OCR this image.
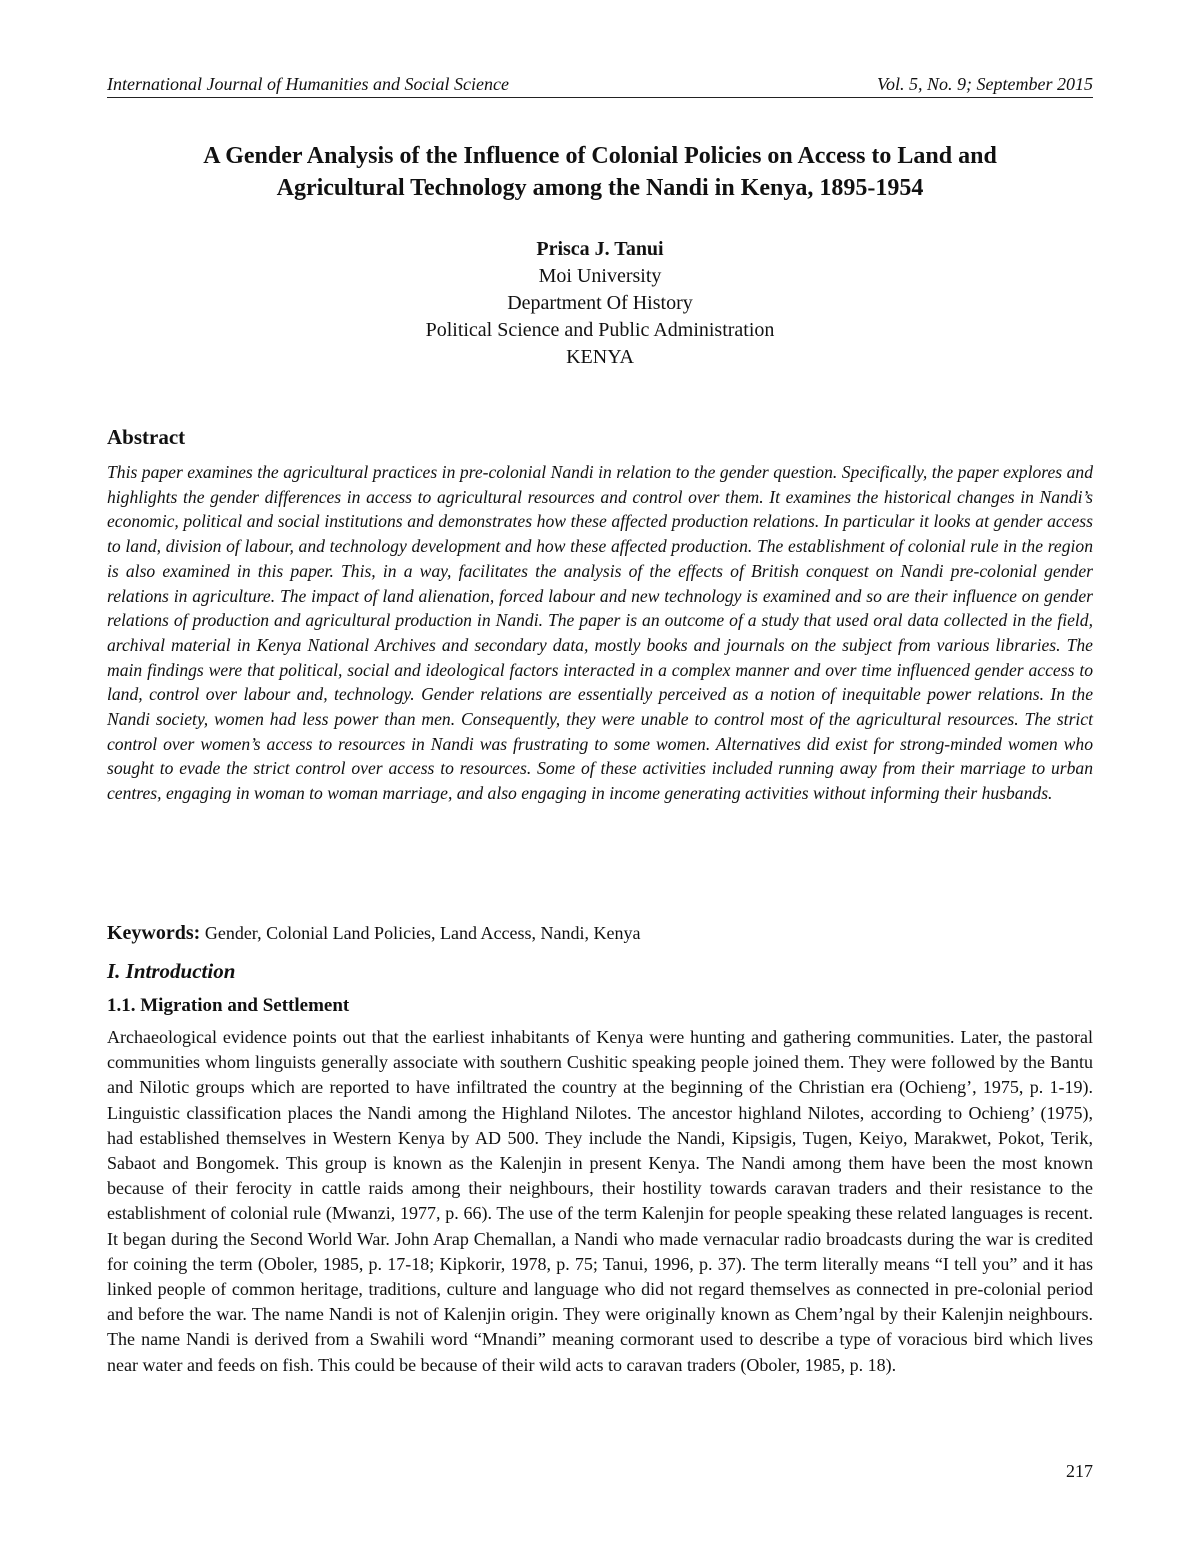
International Journal of Humanities and Social Science	Vol. 5, No. 9; September 2015
A Gender Analysis of the Influence of Colonial Policies on Access to Land and
Agricultural Technology among the Nandi in Kenya, 1895-1954
Prisca J. Tanui
Moi University
Department Of History
Political Science and Public Administration
KENYA
Abstract

This paper examines the agricultural practices in pre-colonial Nandi in relation to the gender question. Specifically, the paper explores and highlights the gender differences in access to agricultural resources and control over them. It examines the historical changes in Nandi’s economic, political and social institutions and demonstrates how these affected production relations. In particular it looks at gender access to land, division of labour, and technology development and how these affected production. The establishment of colonial rule in the region is also examined in this paper. This, in a way, facilitates the analysis of the effects of British conquest on Nandi pre-colonial gender relations in agriculture. The impact of land alienation, forced labour and new technology is examined and so are their influence on gender relations of production and agricultural production in Nandi. The paper is an outcome of a study that used oral data collected in the field, archival material in Kenya National Archives and secondary data, mostly books and journals on the subject from various libraries. The main findings were that political, social and ideological factors interacted in a complex manner and over time influenced gender access to land, control over labour and, technology. Gender relations are essentially perceived as a notion of inequitable power relations. In the Nandi society, women had less power than men. Consequently, they were unable to control most of the agricultural resources. The strict control over women’s access to resources in Nandi was frustrating to some women. Alternatives did exist for strong-minded women who sought to evade the strict control over access to resources. Some of these activities included running away from their marriage to urban centres, engaging in woman to woman marriage, and also engaging in income generating activities without informing their husbands.

Keywords: Gender, Colonial Land Policies, Land Access, Nandi, Kenya

I. Introduction
1.1. Migration and Settlement

Archaeological evidence points out that the earliest inhabitants of Kenya were hunting and gathering communities. Later, the pastoral communities whom linguists generally associate with southern Cushitic speaking people joined them. They were followed by the Bantu and Nilotic groups which are reported to have infiltrated the country at the beginning of the Christian era (Ochieng’, 1975, p. 1-19). Linguistic classification places the Nandi among the Highland Nilotes. The ancestor highland Nilotes, according to Ochieng’ (1975), had established themselves in Western Kenya by AD 500. They include the Nandi, Kipsigis, Tugen, Keiyo, Marakwet, Pokot, Terik, Sabaot and Bongomek. This group is known as the Kalenjin in present Kenya. The Nandi among them have been the most known because of their ferocity in cattle raids among their neighbours, their hostility towards caravan traders and their resistance to the establishment of colonial rule (Mwanzi, 1977, p. 66). The use of the term Kalenjin for people speaking these related languages is recent. It began during the Second World War. John Arap Chemallan, a Nandi who made vernacular radio broadcasts during the war is credited for coining the term (Oboler, 1985, p. 17-18; Kipkorir, 1978, p. 75; Tanui, 1996, p. 37). The term literally means “I tell you” and it has linked people of common heritage, traditions, culture and language who did not regard themselves as connected in pre-colonial period and before the war. The name Nandi is not of Kalenjin origin. They were originally known as Chem’ngal by their Kalenjin neighbours. The name Nandi is derived from a Swahili word “Mnandi” meaning cormorant used to describe a type of voracious bird which lives near water and feeds on fish. This could be because of their wild acts to caravan traders (Oboler, 1985, p. 18).

217
